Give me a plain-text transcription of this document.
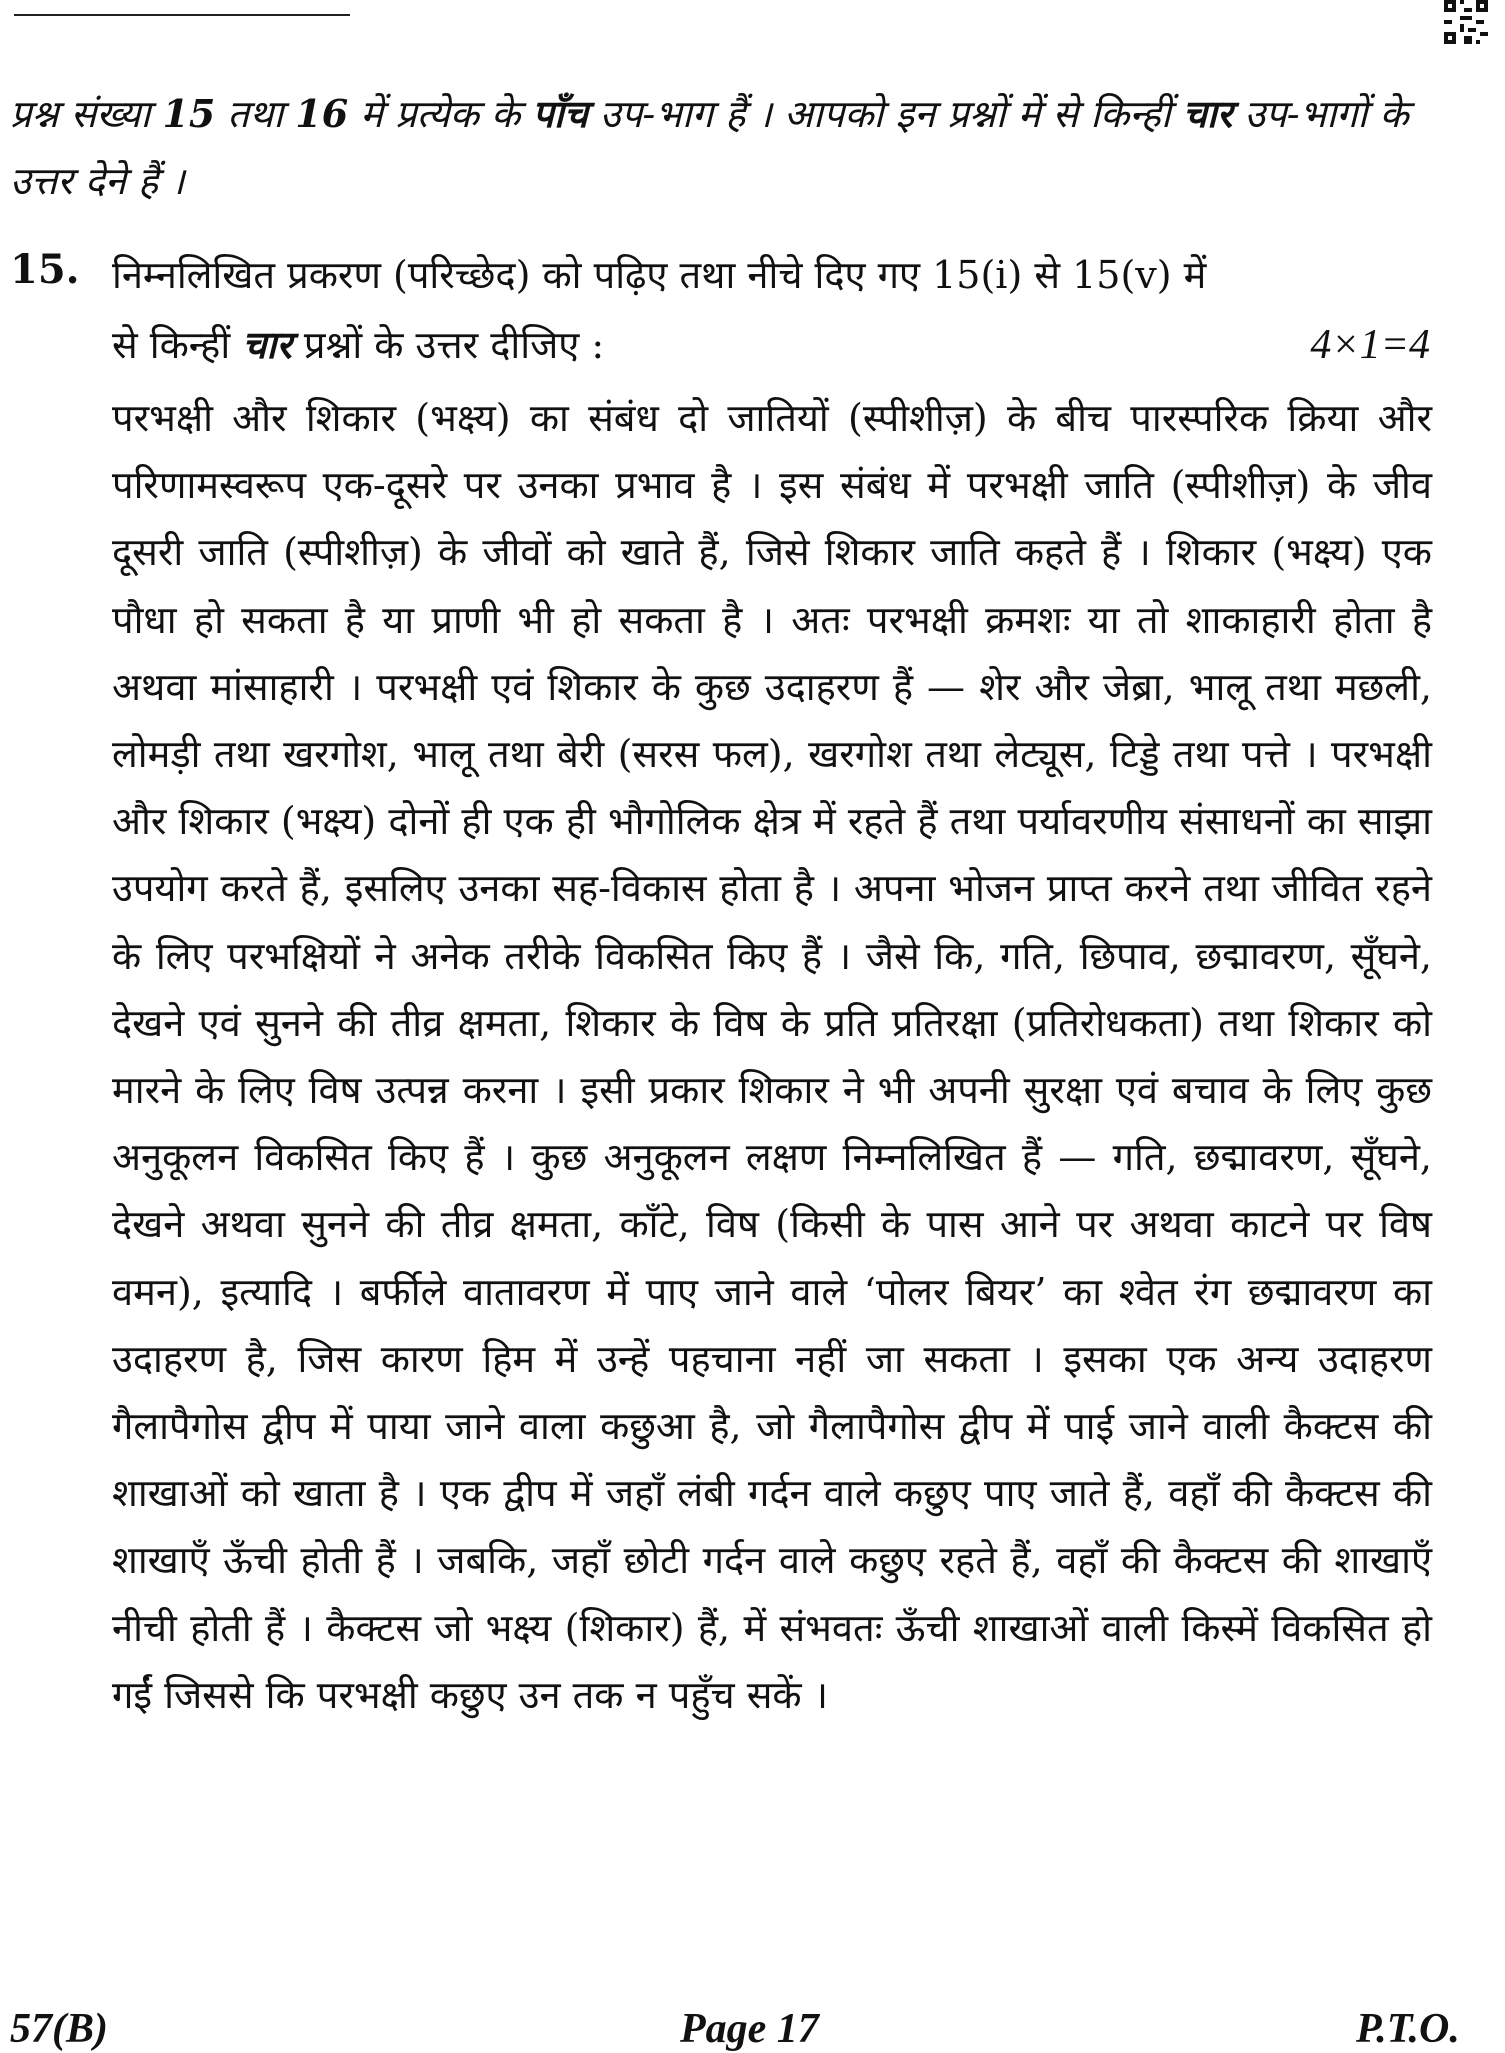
प्रश्न संख्या 15 तथा 16 में प्रत्येक के पाँच उप-भाग हैं । आपको इन प्रश्नों में से किन्हीं चार उप-भागों के उत्तर देने हैं ।
15. निम्नलिखित प्रकरण (परिच्छेद) को पढ़िए तथा नीचे दिए गए 15(i) से 15(v) में
से किन्हीं चार प्रश्नों के उत्तर दीजिए :	4×1=4
परभक्षी और शिकार (भक्ष्य) का संबंध दो जातियों (स्पीशीज़) के बीच पारस्परिक क्रिया और परिणामस्वरूप एक-दूसरे पर उनका प्रभाव है । इस संबंध में परभक्षी जाति (स्पीशीज़) के जीव दूसरी जाति (स्पीशीज़) के जीवों को खाते हैं, जिसे शिकार जाति कहते हैं । शिकार (भक्ष्य) एक पौधा हो सकता है या प्राणी भी हो सकता है । अतः परभक्षी क्रमशः या तो शाकाहारी होता है अथवा मांसाहारी । परभक्षी एवं शिकार के कुछ उदाहरण हैं — शेर और जेब्रा, भालू तथा मछली, लोमड़ी तथा खरगोश, भालू तथा बेरी (सरस फल), खरगोश तथा लेट्यूस, टिड्डे तथा पत्ते । परभक्षी और शिकार (भक्ष्य) दोनों ही एक ही भौगोलिक क्षेत्र में रहते हैं तथा पर्यावरणीय संसाधनों का साझा उपयोग करते हैं, इसलिए उनका सह-विकास होता है । अपना भोजन प्राप्त करने तथा जीवित रहने के लिए परभक्षियों ने अनेक तरीके विकसित किए हैं । जैसे कि, गति, छिपाव, छद्मावरण, सूँघने, देखने एवं सुनने की तीव्र क्षमता, शिकार के विष के प्रति प्रतिरक्षा (प्रतिरोधकता) तथा शिकार को मारने के लिए विष उत्पन्न करना । इसी प्रकार शिकार ने भी अपनी सुरक्षा एवं बचाव के लिए कुछ अनुकूलन विकसित किए हैं । कुछ अनुकूलन लक्षण निम्नलिखित हैं — गति, छद्मावरण, सूँघने, देखने अथवा सुनने की तीव्र क्षमता, काँटे, विष (किसी के पास आने पर अथवा काटने पर विष वमन), इत्यादि । बर्फीले वातावरण में पाए जाने वाले ‘पोलर बियर’ का श्वेत रंग छद्मावरण का उदाहरण है, जिस कारण हिम में उन्हें पहचाना नहीं जा सकता । इसका एक अन्य उदाहरण गैलापैगोस द्वीप में पाया जाने वाला कछुआ है, जो गैलापैगोस द्वीप में पाई जाने वाली कैक्टस की शाखाओं को खाता है । एक द्वीप में जहाँ लंबी गर्दन वाले कछुए पाए जाते हैं, वहाँ की कैक्टस की शाखाएँ ऊँची होती हैं । जबकि, जहाँ छोटी गर्दन वाले कछुए रहते हैं, वहाँ की कैक्टस की शाखाएँ नीची होती हैं । कैक्टस जो भक्ष्य (शिकार) हैं, में संभवतः ऊँची शाखाओं वाली किस्में विकसित हो गईं जिससे कि परभक्षी कछुए उन तक न पहुँच सकें ।
57(B)	Page 17	P.T.O.
